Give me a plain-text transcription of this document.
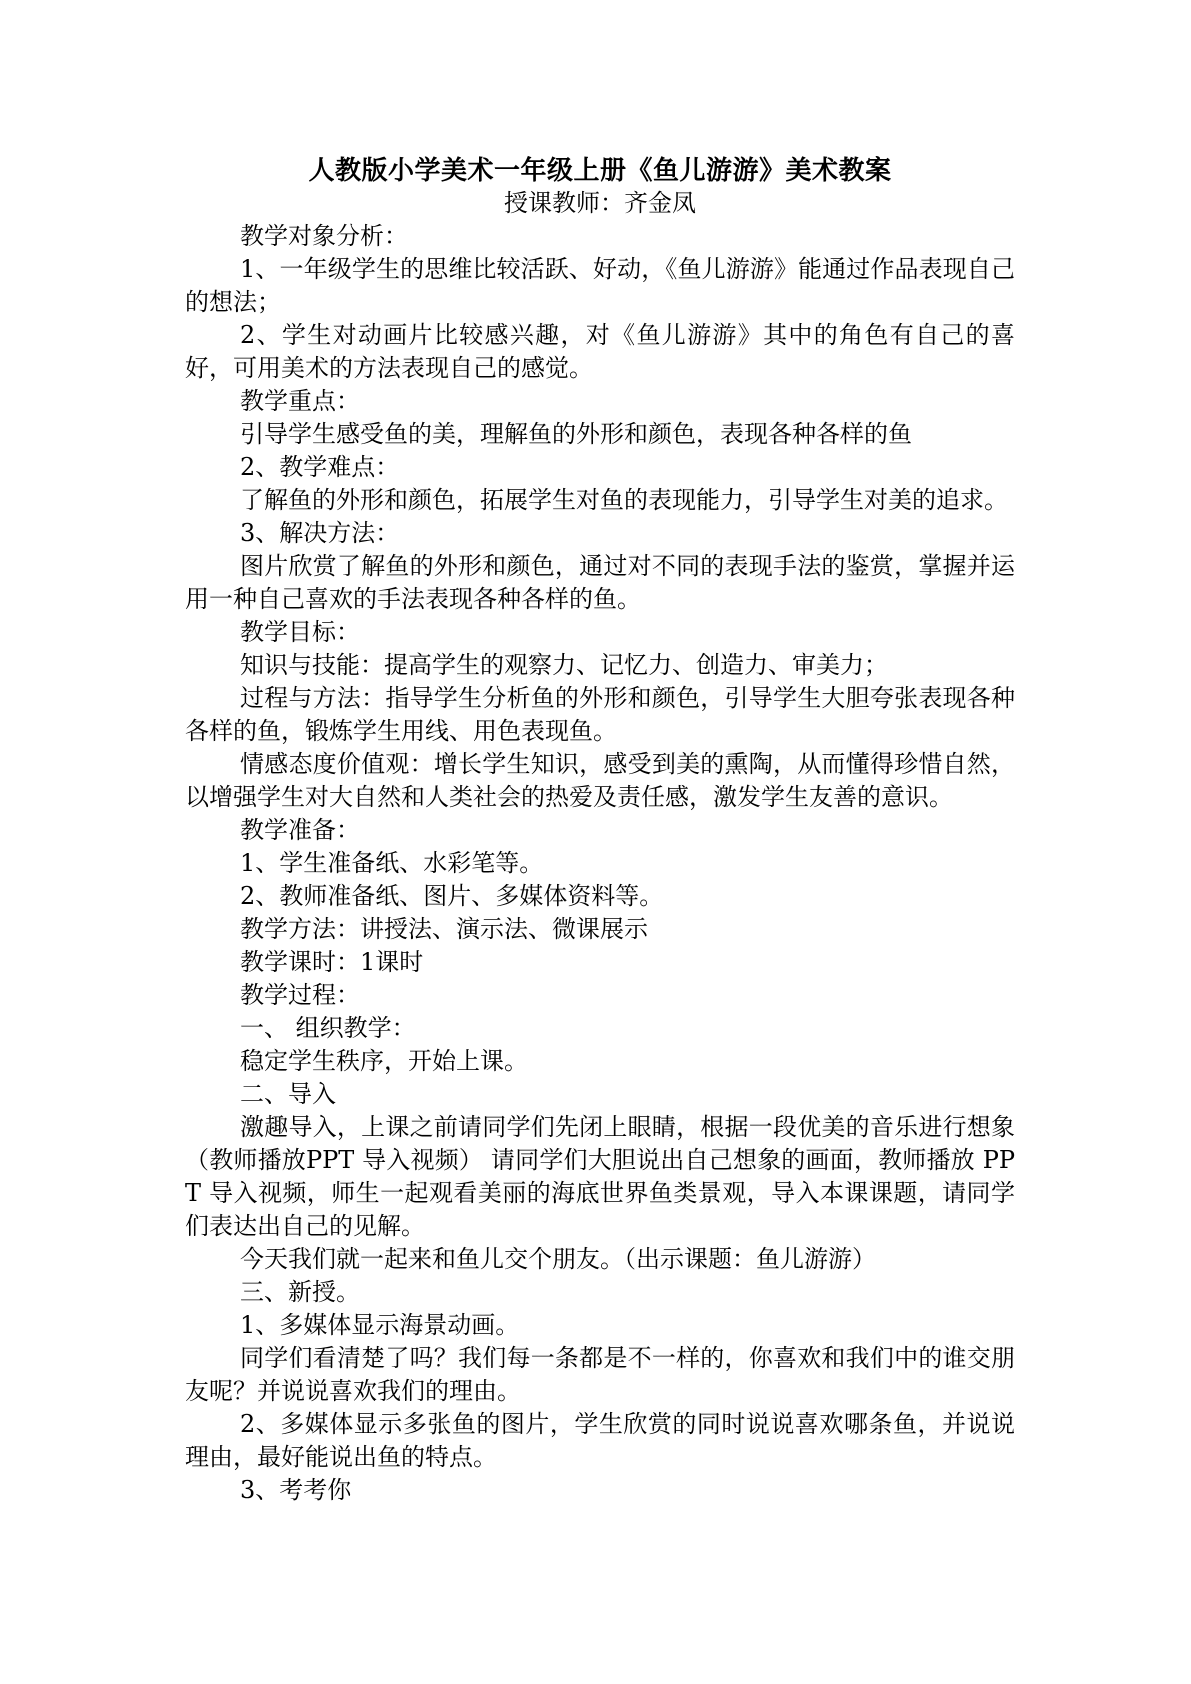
人教版小学美术一年级上册《鱼儿游游》美术教案

授课教师：齐金凤

教学对象分析：

1、一年级学生的思维比较活跃、好动，《鱼儿游游》能通过作品表现自己的想法；

2、学生对动画片比较感兴趣，对《鱼儿游游》其中的角色有自己的喜好，可用美术的方法表现自己的感觉。

教学重点：

引导学生感受鱼的美，理解鱼的外形和颜色，表现各种各样的鱼

2、教学难点：

了解鱼的外形和颜色，拓展学生对鱼的表现能力，引导学生对美的追求。

3、解决方法：

图片欣赏了解鱼的外形和颜色，通过对不同的表现手法的鉴赏，掌握并运用一种自己喜欢的手法表现各种各样的鱼。

教学目标：

知识与技能：提高学生的观察力、记忆力、创造力、审美力；

过程与方法：指导学生分析鱼的外形和颜色，引导学生大胆夸张表现各种各样的鱼，锻炼学生用线、用色表现鱼。

情感态度价值观：增长学生知识，感受到美的熏陶，从而懂得珍惜自然，以增强学生对大自然和人类社会的热爱及责任感，激发学生友善的意识。

教学准备：

1、学生准备纸、水彩笔等。

2、教师准备纸、图片、多媒体资料等。

教学方法：讲授法、演示法、微课展示

教学课时：1课时

教学过程：

一、 组织教学：

稳定学生秩序，开始上课。

二、导入

激趣导入，上课之前请同学们先闭上眼睛，根据一段优美的音乐进行想象（教师播放PPT 导入视频） 请同学们大胆说出自己想象的画面，教师播放 PPT 导入视频，师生一起观看美丽的海底世界鱼类景观，导入本课课题，请同学们表达出自己的见解。

今天我们就一起来和鱼儿交个朋友。（出示课题：鱼儿游游）

三、新授。

1、多媒体显示海景动画。

同学们看清楚了吗？我们每一条都是不一样的，你喜欢和我们中的谁交朋友呢？并说说喜欢我们的理由。

2、多媒体显示多张鱼的图片，学生欣赏的同时说说喜欢哪条鱼，并说说理由，最好能说出鱼的特点。

3、考考你
